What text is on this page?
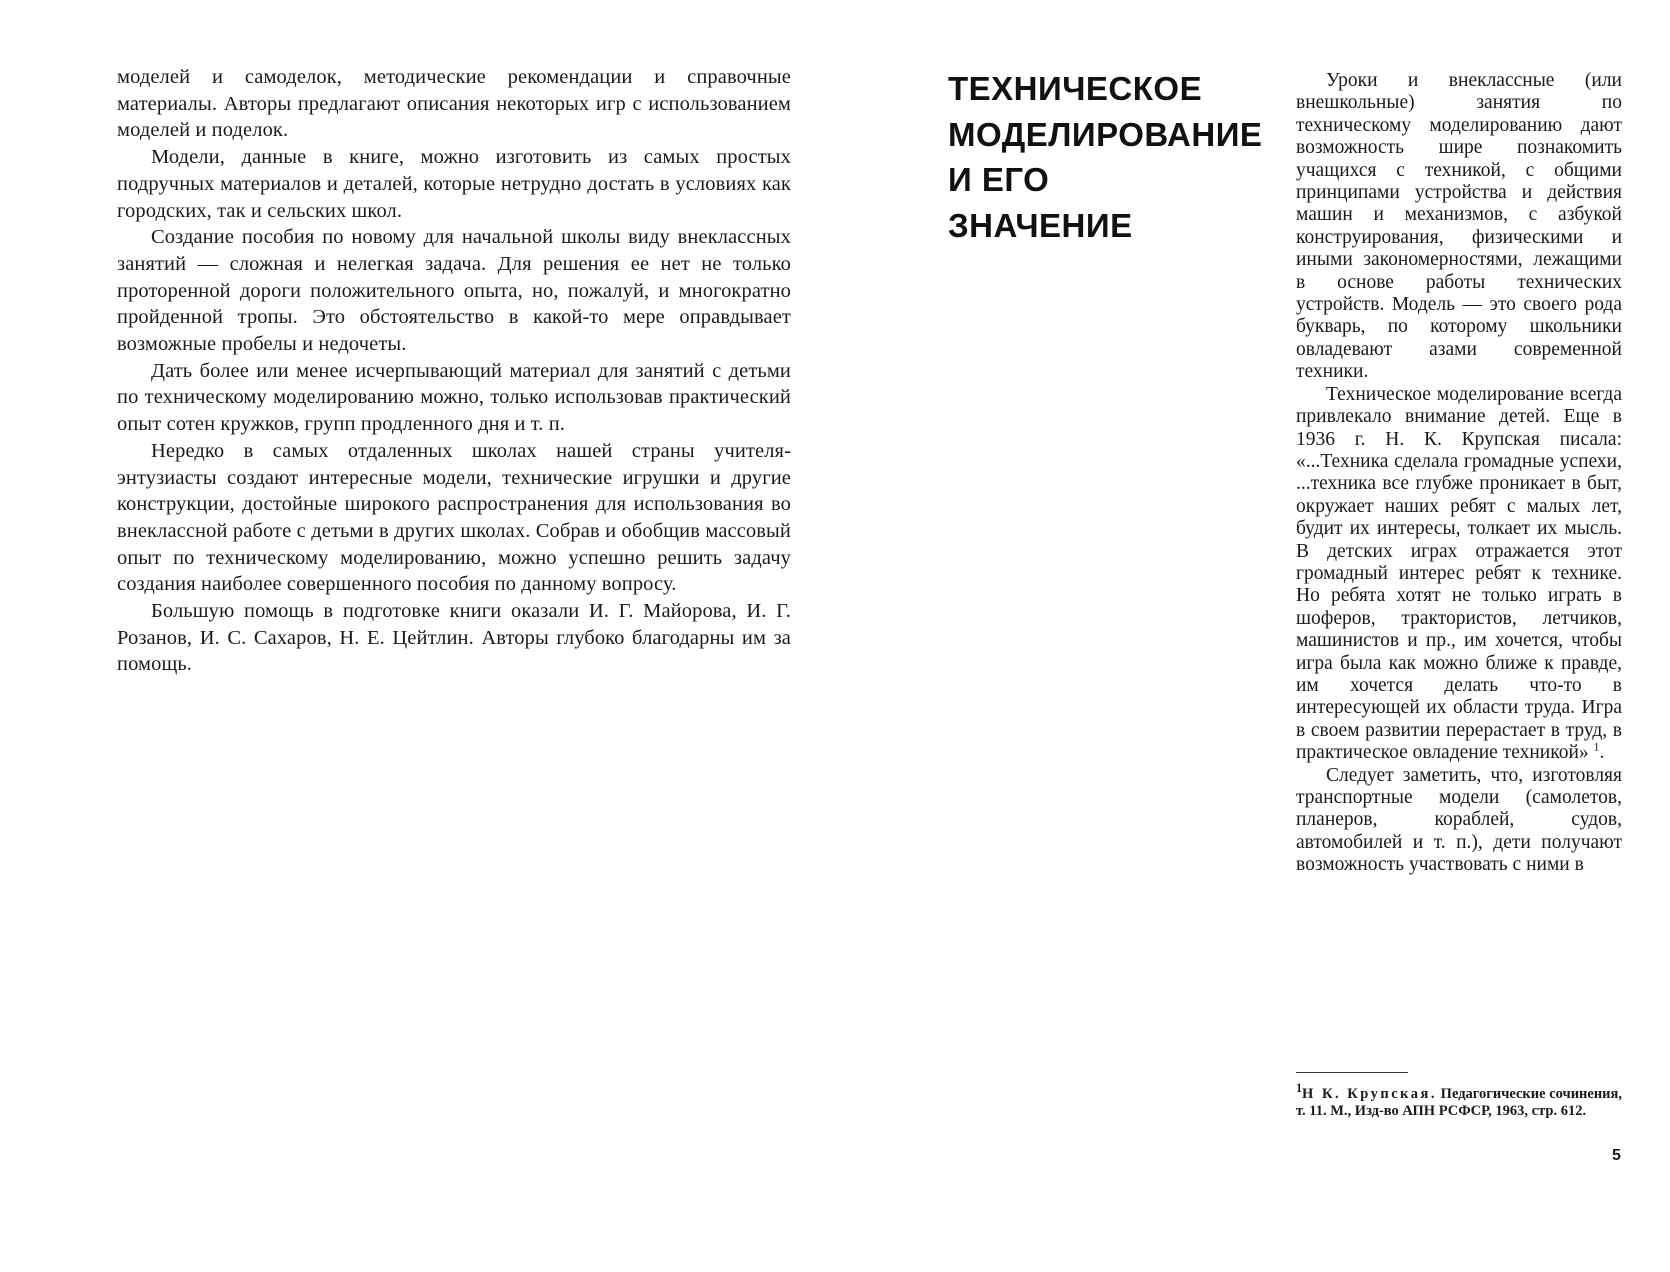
моделей и самоделок, методические рекомендации и справочные материалы. Авторы предлагают описания некоторых игр с использованием моделей и поделок.

Модели, данные в книге, можно изготовить из самых простых подручных материалов и деталей, которые нетрудно достать в условиях как городских, так и сельских школ.

Создание пособия по новому для начальной школы виду внеклассных занятий — сложная и нелегкая задача. Для решения ее нет не только проторенной дороги положительного опыта, но, пожалуй, и многократно пройденной тропы. Это обстоятельство в какой-то мере оправдывает возможные пробелы и недочеты.

Дать более или менее исчерпывающий материал для занятий с детьми по техническому моделированию можно, только использовав практический опыт сотен кружков, групп продленного дня и т. п.

Нередко в самых отдаленных школах нашей страны учителя-энтузиасты создают интересные модели, технические игрушки и другие конструкции, достойные широкого распространения для использования во внеклассной работе с детьми в других школах. Собрав и обобщив массовый опыт по техническому моделированию, можно успешно решить задачу создания наиболее совершенного пособия по данному вопросу.

Большую помощь в подготовке книги оказали И. Г. Майорова, И. Г. Розанов, И. С. Сахаров, Н. Е. Цейтлин. Авторы глубоко благодарны им за помощь.

ТЕХНИЧЕСКОЕ
МОДЕЛИРОВАНИЕ
И ЕГО
ЗНАЧЕНИЕ

Уроки и внеклассные (или внешкольные) занятия по техническому моделированию дают возможность шире познакомить учащихся с техникой, с общими принципами устройства и действия машин и механизмов, с азбукой конструирования, физическими и иными закономерностями, лежащими в основе работы технических устройств. Модель — это своего рода букварь, по которому школьники овладевают азами современной техники.

Техническое моделирование всегда привлекало внимание детей. Еще в 1936 г. Н. К. Крупская писала: «...Техника сделала громадные успехи, ...техника все глубже проникает в быт, окружает наших ребят с малых лет, будит их интересы, толкает их мысль. В детских играх отражается этот громадный интерес ребят к технике. Но ребята хотят не только играть в шоферов, трактористов, летчиков, машинистов и пр., им хочется, чтобы игра была как можно ближе к правде, им хочется делать что-то в интересующей их области труда. Игра в своем развитии перерастает в труд, в практическое овладение техникой» $^1$.

Следует заметить, что, изготовляя транспортные модели (самолетов, планеров, кораблей, судов, автомобилей и т. п.), дети получают возможность участвовать с ними в

$^1$Н К. Крупская. Педагогические сочинения, т. 11. М., Изд-во АПН РСФСР, 1963, стр. 612.
5
